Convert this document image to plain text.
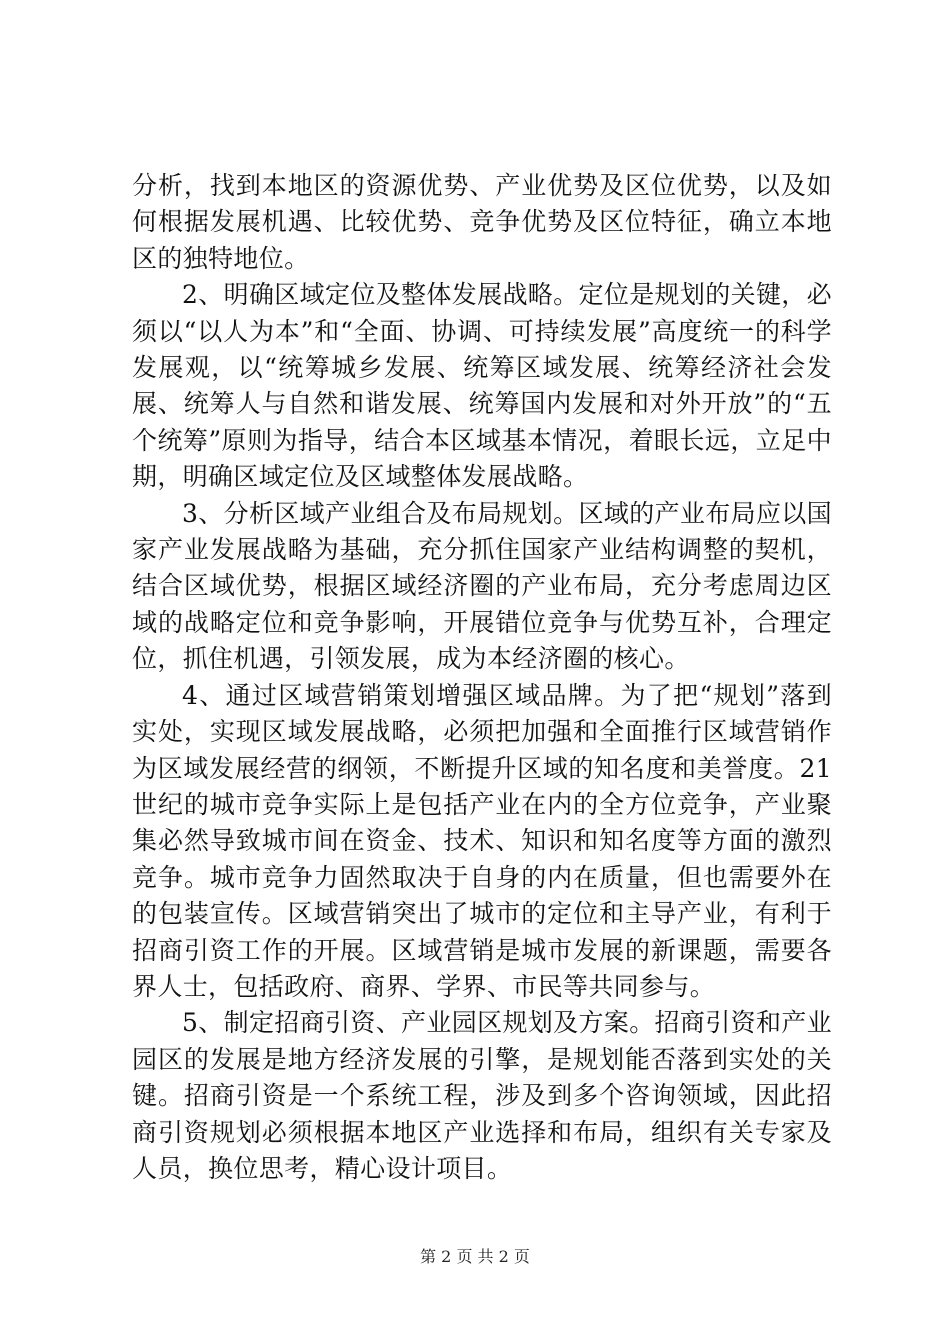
分析，找到本地区的资源优势、产业优势及区位优势，以及如何根据发展机遇、比较优势、竞争优势及区位特征，确立本地区的独特地位。

2、明确区域定位及整体发展战略。定位是规划的关键，必须以“以人为本”和“全面、协调、可持续发展”高度统一的科学发展观，以“统筹城乡发展、统筹区域发展、统筹经济社会发展、统筹人与自然和谐发展、统筹国内发展和对外开放”的“五个统筹”原则为指导，结合本区域基本情况，着眼长远，立足中期，明确区域定位及区域整体发展战略。

3、分析区域产业组合及布局规划。区域的产业布局应以国家产业发展战略为基础，充分抓住国家产业结构调整的契机，结合区域优势，根据区域经济圈的产业布局，充分考虑周边区域的战略定位和竞争影响，开展错位竞争与优势互补，合理定位，抓住机遇，引领发展，成为本经济圈的核心。

4、通过区域营销策划增强区域品牌。为了把“规划”落到实处，实现区域发展战略，必须把加强和全面推行区域营销作为区域发展经营的纲领，不断提升区域的知名度和美誉度。21世纪的城市竞争实际上是包括产业在内的全方位竞争，产业聚集必然导致城市间在资金、技术、知识和知名度等方面的激烈竞争。城市竞争力固然取决于自身的内在质量，但也需要外在的包装宣传。区域营销突出了城市的定位和主导产业，有利于招商引资工作的开展。区域营销是城市发展的新课题，需要各界人士，包括政府、商界、学界、市民等共同参与。

5、制定招商引资、产业园区规划及方案。招商引资和产业园区的发展是地方经济发展的引擎，是规划能否落到实处的关键。招商引资是一个系统工程，涉及到多个咨询领域，因此招商引资规划必须根据本地区产业选择和布局，组织有关专家及人员，换位思考，精心设计项目。

第 2 页 共 2 页
